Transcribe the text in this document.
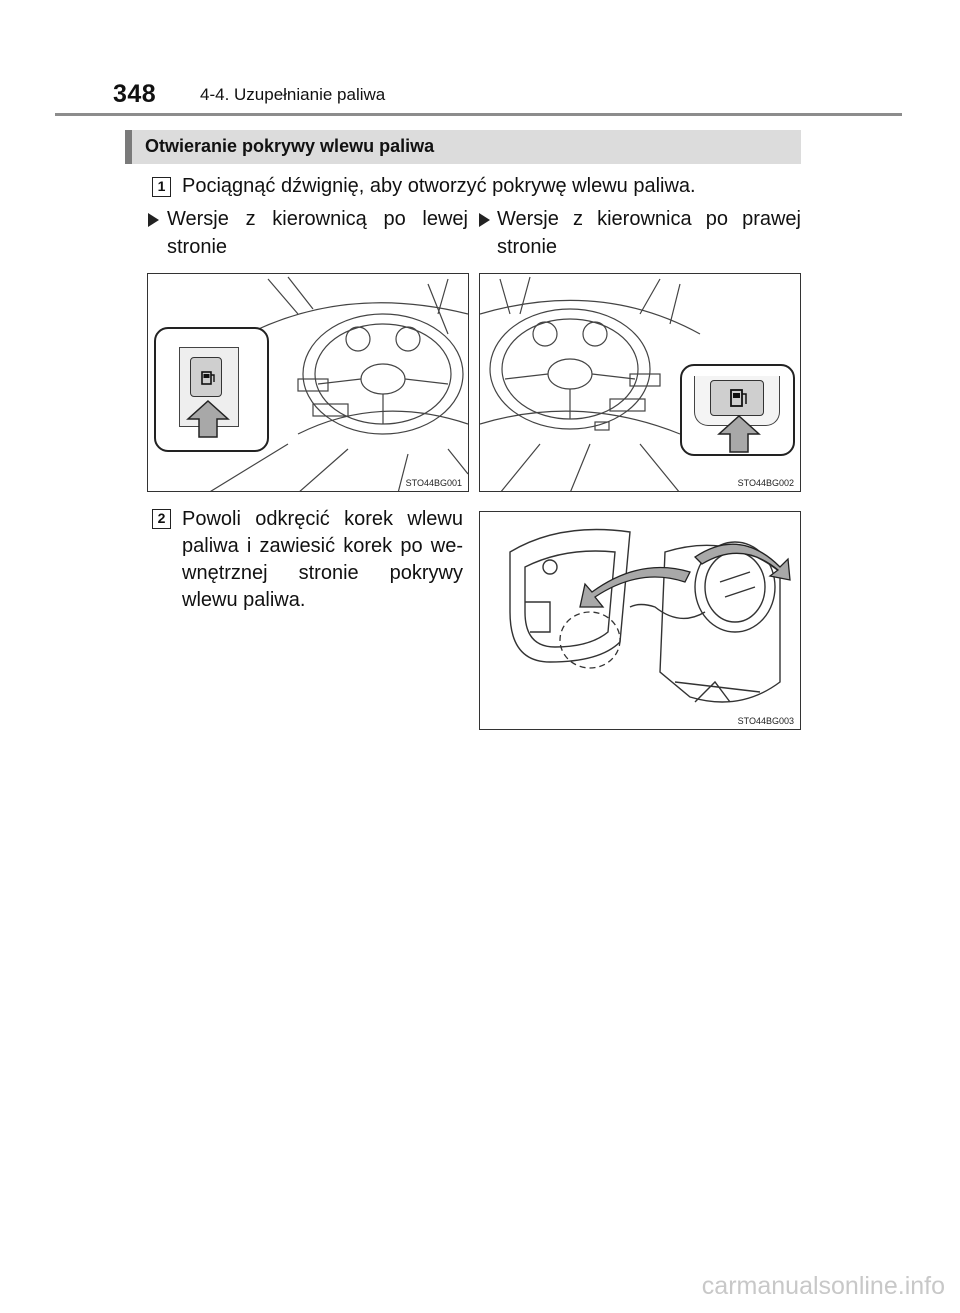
348	4-4. Uzupełnianie paliwa
Otwieranie pokrywy wlewu paliwa
1 Pociągnąć dźwignię, aby otworzyć pokrywę wlewu paliwa.
Wersje z kierownicą po lewej stronie
Wersje z kierownica po prawej stronie
STO44BG001	STO44BG002
2 Powoli odkręcić korek wlewu paliwa i zawiesić korek po we-wnętrznej stronie pokrywy wlewu paliwa.
STO44BG003
carmanualsonline.info
